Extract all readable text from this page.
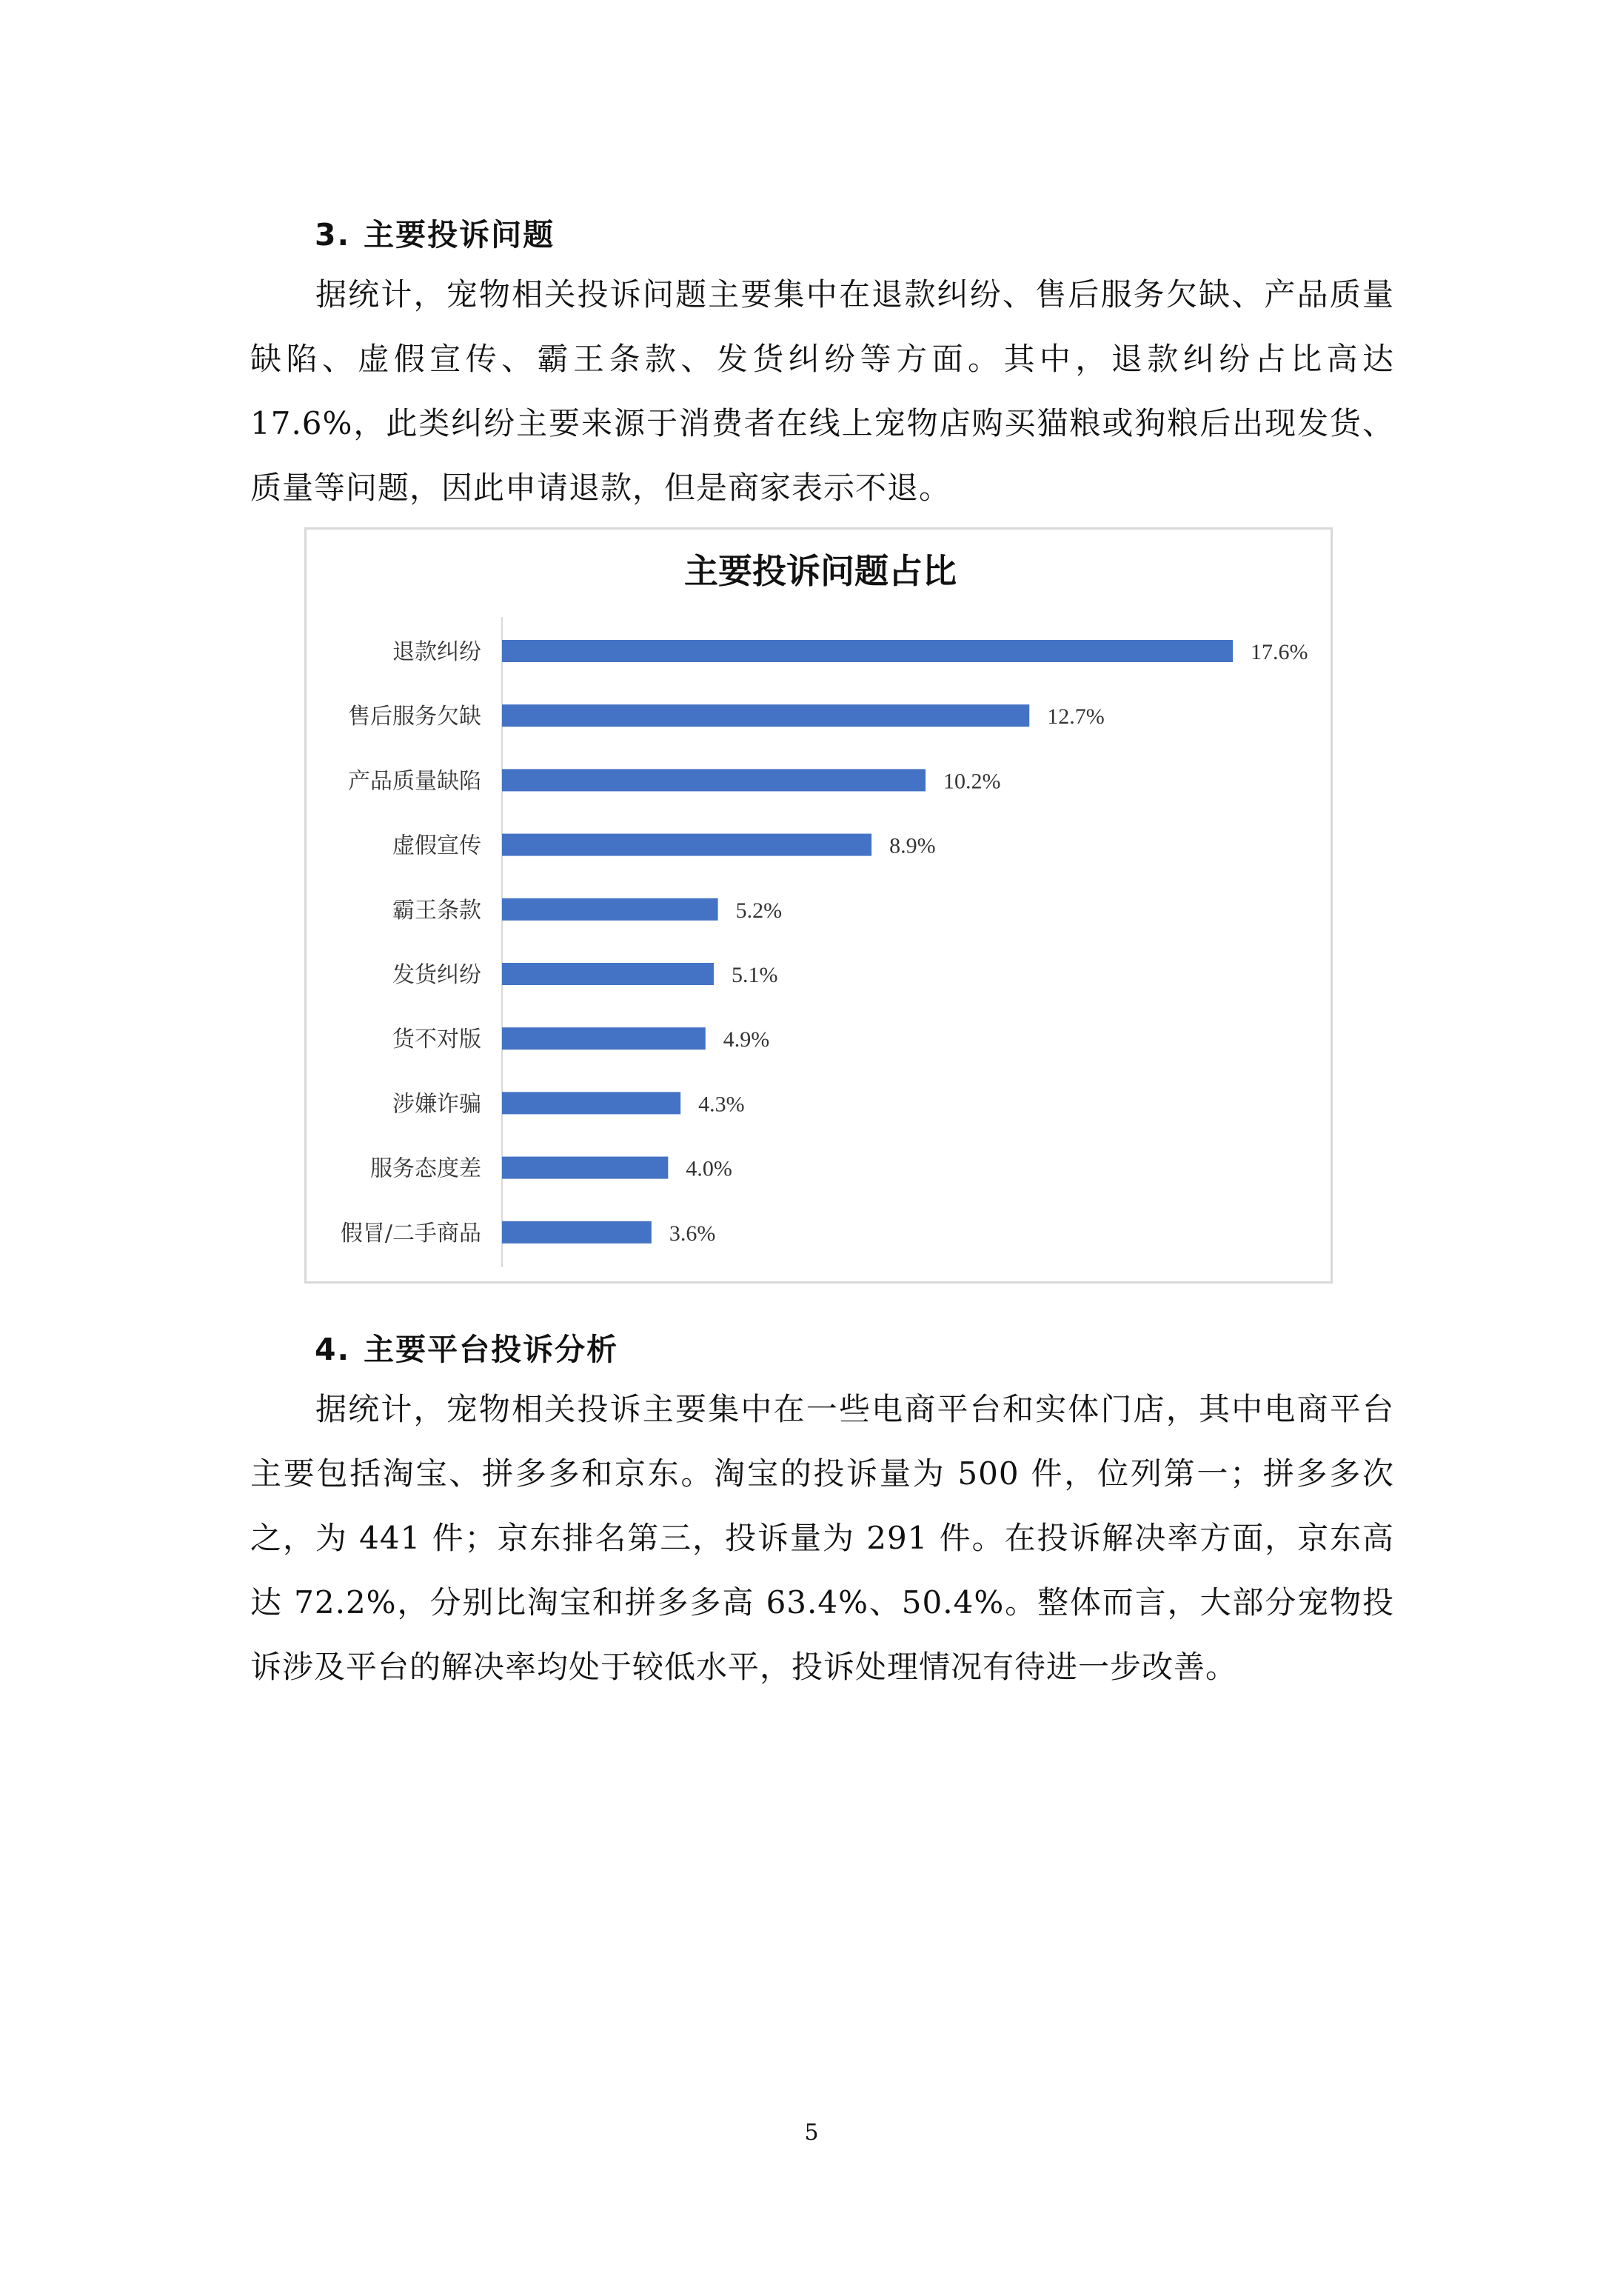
3. 主要投诉问题

据统计，宠物相关投诉问题主要集中在退款纠纷、售后服务欠缺、产品质量缺陷、虚假宣传、霸王条款、发货纠纷等方面。其中，退款纠纷占比高达 17.6%，此类纠纷主要来源于消费者在线上宠物店购买猫粮或狗粮后出现发货、质量等问题，因此申请退款，但是商家表示不退。

主要投诉问题占比
退款纠纷	17.6%
售后服务欠缺	12.7%
产品质量缺陷	10.2%
虚假宣传	8.9%
霸王条款	5.2%
发货纠纷	5.1%
货不对版	4.9%
涉嫌诈骗	4.3%
服务态度差	4.0%
假冒/二手商品	3.6%
4. 主要平台投诉分析

据统计，宠物相关投诉主要集中在一些电商平台和实体门店，其中电商平台主要包括淘宝、拼多多和京东。淘宝的投诉量为 500 件，位列第一；拼多多次之，为 441 件；京东排名第三，投诉量为 291 件。在投诉解决率方面，京东高达 72.2%，分别比淘宝和拼多多高 63.4%、50.4%。整体而言，大部分宠物投诉涉及平台的解决率均处于较低水平，投诉处理情况有待进一步改善。

5
